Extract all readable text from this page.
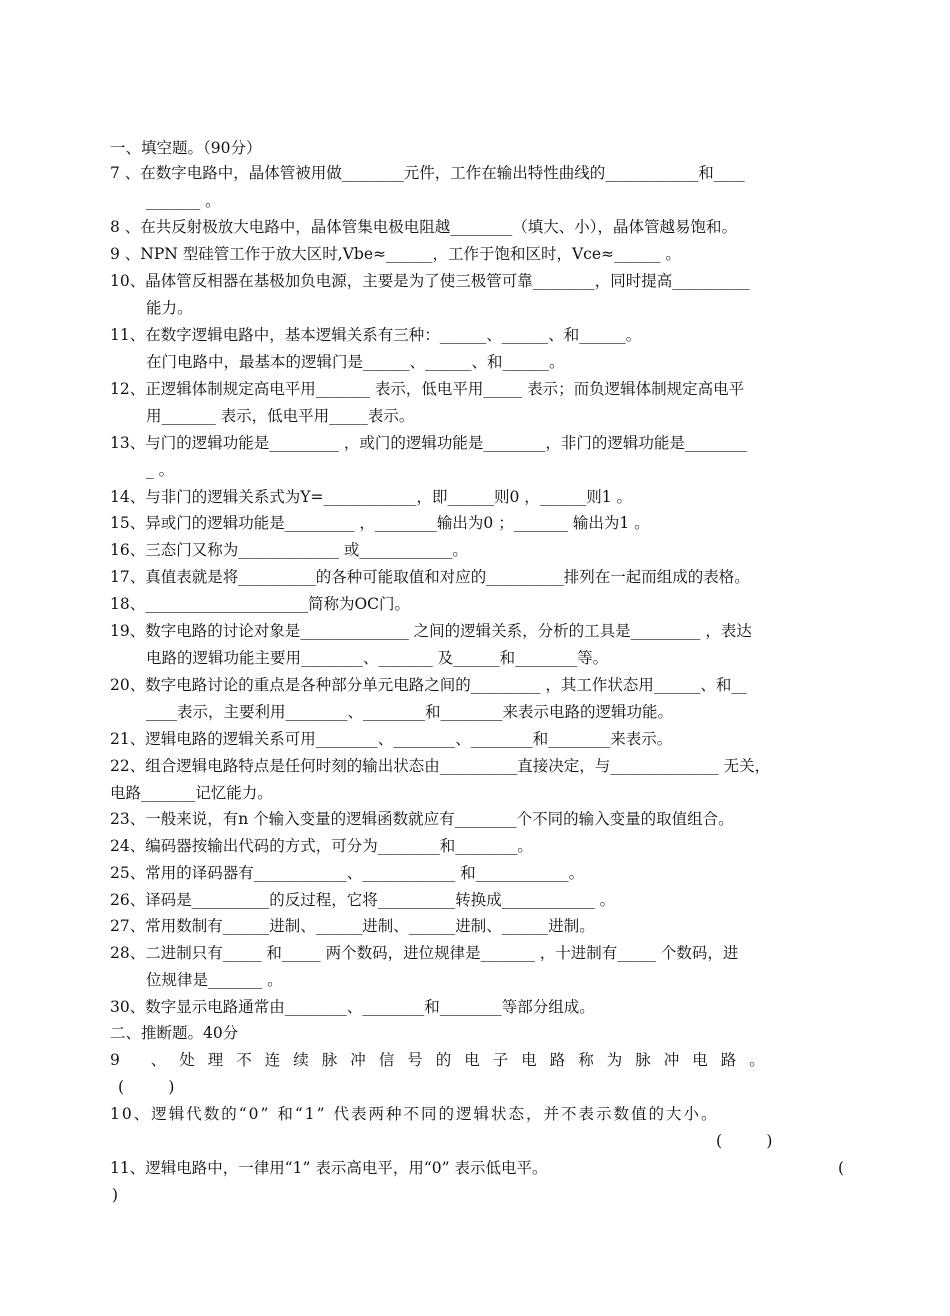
一、填空题。（90分）
7 、在数字电路中，晶体管被用做________元件，工作在输出特性曲线的____________和____
_______ 。
8 、在共反射极放大电路中，晶体管集电极电阻越________（填大、小），晶体管越易饱和。
9 、NPN 型硅管工作于放大区时,Vbe≈______，工作于饱和区时，Vce≈______ 。
10、晶体管反相器在基极加负电源，主要是为了使三极管可靠________，同时提高__________
能力。
11、在数字逻辑电路中，基本逻辑关系有三种：______、______、和______。
在门电路中，最基本的逻辑门是______、______、和______。
12、正逻辑体制规定高电平用_______ 表示，低电平用_____ 表示；而负逻辑体制规定高电平
用_______ 表示，低电平用_____表示。
13、与门的逻辑功能是_________ ，或门的逻辑功能是________，非门的逻辑功能是________
_ 。
14、与非门的逻辑关系式为Y=____________，即______则0 ，______则1 。
15、异或门的逻辑功能是_________ ，________输出为0 ；_______ 输出为1 。
16、三态门又称为_____________ 或____________。
17、真值表就是将__________的各种可能取值和对应的__________排列在一起而组成的表格。
18、_____________________简称为OC门。
19、数字电路的讨论对象是______________ 之间的逻辑关系，分析的工具是_________ ，表达
电路的逻辑功能主要用________、_______ 及______和________等。
20、数字电路讨论的重点是各种部分单元电路之间的_________ ，其工作状态用______、和__
____表示，主要利用________、________和________来表示电路的逻辑功能。
21、逻辑电路的逻辑关系可用________、________、________和________来表示。
22、组合逻辑电路特点是任何时刻的输出状态由__________直接决定，与______________ 无关，
电路_______记忆能力。
23、一般来说，有n 个输入变量的逻辑函数就应有________个不同的输入变量的取值组合。
24、编码器按输出代码的方式，可分为________和________。
25、常用的译码器有____________、____________ 和____________。
26、译码是__________的反过程，它将__________转换成____________ 。
27、常用数制有______进制、______进制、______进制、______进制。
28、二进制只有_____ 和_____ 两个数码，进位规律是_______ ，十进制有_____ 个数码，进
位规律是_______ 。
30、数字显示电路通常由________、________和________等部分组成。
二、推断题。40分
9 、处理不连续脉冲信号的电子电路称为脉冲电路。
(         )
10、逻辑代数的“0” 和“1” 代表两种不同的逻辑状态，并不表示数值的大小。
(         )
11、逻辑电路中，一律用“1” 表示高电平，用“0” 表示低电平。	(
)
